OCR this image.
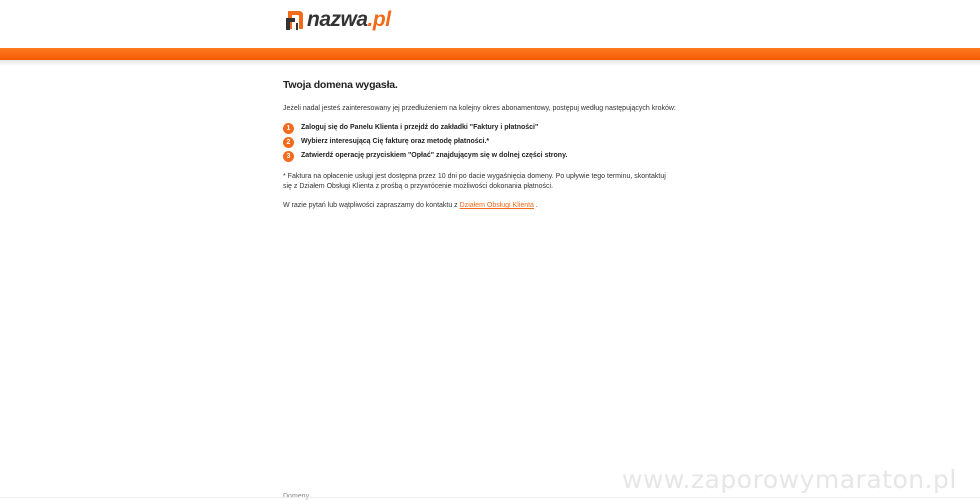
nazwa.pl
Twoja domena wygasła.

Jeżeli nadal jesteś zainteresowany jej przedłużeniem na kolejny okres abonamentowy, postępuj według następujących kroków:

1	Zaloguj się do Panelu Klienta i przejdź do zakładki "Faktury i płatności"
2	Wybierz interesującą Cię fakturę oraz metodę płatności.*
3	Zatwierdź operację przyciskiem "Opłać" znajdującym się w dolnej części strony.

* Faktura na opłacenie usługi jest dostępna przez 10 dni po dacie wygaśnięcia domeny. Po upływie tego terminu, skontaktuj
się z Działem Obsługi Klienta z prośbą o przywrócenie możliwości dokonania płatności.

W razie pytań lub wątpliwości zapraszamy do kontaktu z Działem Obsługi Klienta .

www.zaporowymaraton.pl
